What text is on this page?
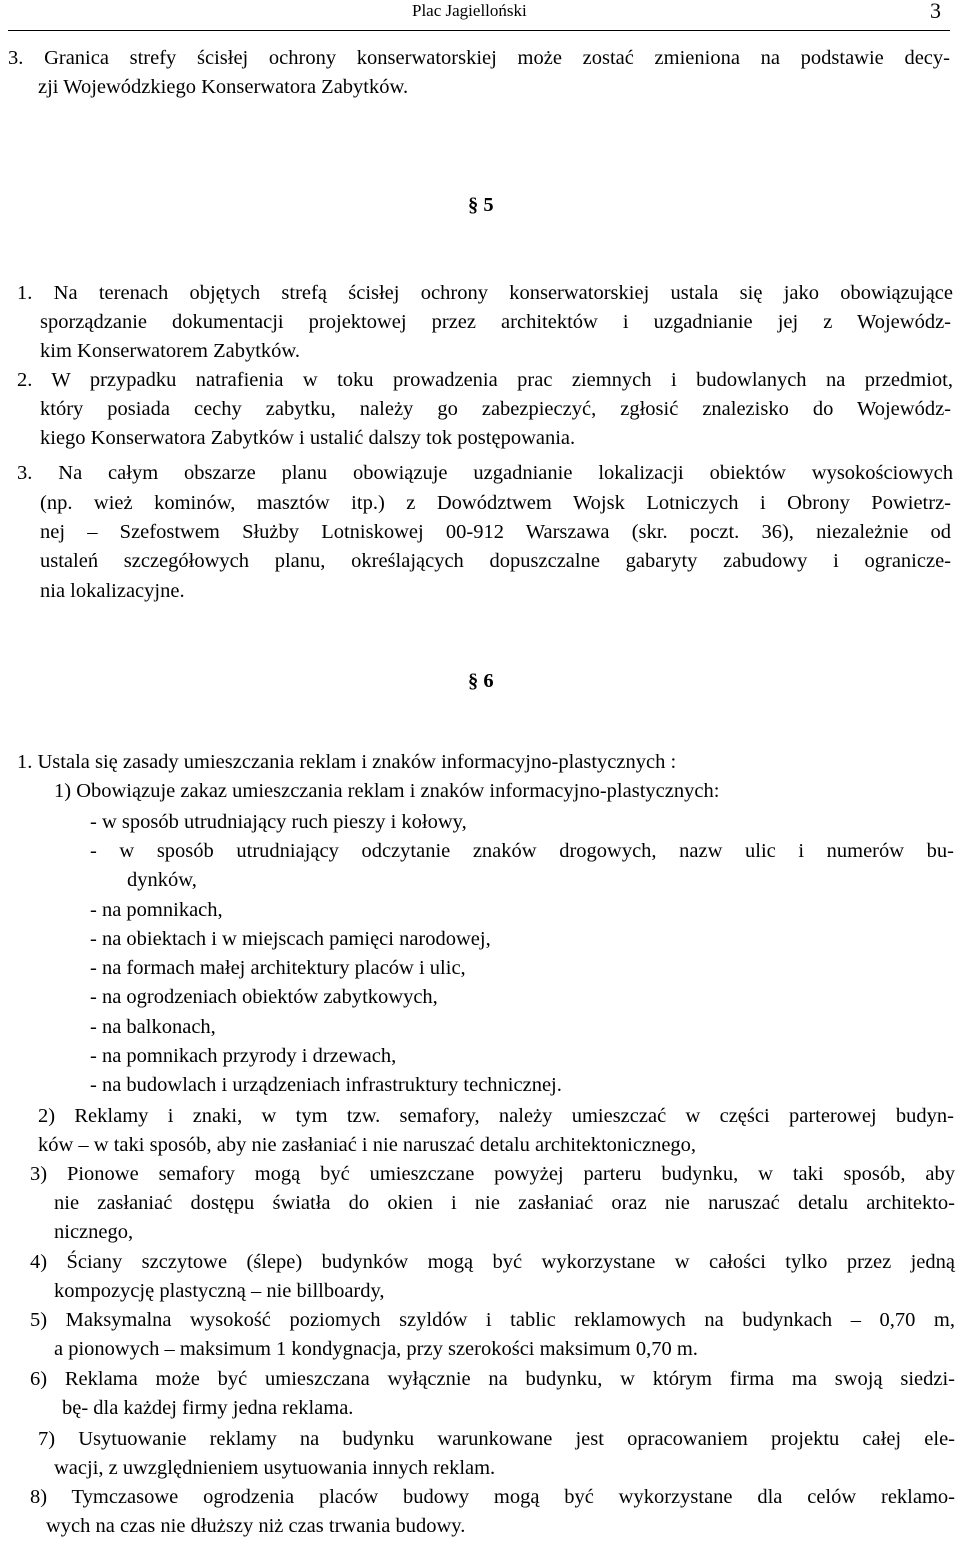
Plac Jagielloński	3
3. Granica strefy ścisłej ochrony konserwatorskiej może zostać zmieniona na podstawie decy-
zji Wojewódzkiego Konserwatora Zabytków.
§ 5
1. Na terenach objętych strefą ścisłej ochrony konserwatorskiej ustala się jako obowiązujące
sporządzanie dokumentacji projektowej przez architektów i uzgadnianie jej z Wojewódz-
kim Konserwatorem Zabytków.
2. W przypadku natrafienia w toku prowadzenia prac ziemnych i budowlanych na przedmiot,
który posiada cechy zabytku, należy go zabezpieczyć, zgłosić znalezisko do Wojewódz-
kiego Konserwatora Zabytków i ustalić dalszy tok postępowania.
3. Na całym obszarze planu obowiązuje uzgadnianie lokalizacji obiektów wysokościowych
(np. wież kominów, masztów itp.) z Dowództwem Wojsk Lotniczych i Obrony Powietrz-
nej – Szefostwem Służby Lotniskowej 00-912 Warszawa (skr. poczt. 36), niezależnie od
ustaleń szczegółowych planu, określających dopuszczalne gabaryty zabudowy i ogranicze-
nia lokalizacyjne.
§ 6
1. Ustala się zasady umieszczania reklam i znaków informacyjno-plastycznych :
1) Obowiązuje zakaz umieszczania reklam i znaków informacyjno-plastycznych:
- w sposób utrudniający ruch pieszy i kołowy,
- w sposób utrudniający odczytanie znaków drogowych, nazw ulic i numerów bu-
dynków,
- na pomnikach,
- na obiektach i w miejscach pamięci narodowej,
- na formach małej architektury placów i ulic,
- na ogrodzeniach obiektów zabytkowych,
- na balkonach,
- na pomnikach przyrody i drzewach,
- na budowlach i urządzeniach infrastruktury technicznej.
2) Reklamy i znaki, w tym tzw. semafory, należy umieszczać w części parterowej budyn-
ków – w taki sposób, aby nie zasłaniać i nie naruszać detalu architektonicznego,
3) Pionowe semafory mogą być umieszczane powyżej parteru budynku, w taki sposób, aby
nie zasłaniać dostępu światła do okien i nie zasłaniać oraz nie naruszać detalu architekto-
nicznego,
4) Ściany szczytowe (ślepe) budynków mogą być wykorzystane w całości tylko przez jedną
kompozycję plastyczną – nie billboardy,
5) Maksymalna wysokość poziomych szyldów i tablic reklamowych na budynkach – 0,70 m,
a pionowych – maksimum 1 kondygnacja, przy szerokości maksimum 0,70 m.
6) Reklama może być umieszczana wyłącznie na budynku, w którym firma ma swoją siedzi-
bę- dla każdej firmy jedna reklama.
7) Usytuowanie reklamy na budynku warunkowane jest opracowaniem projektu całej ele-
wacji, z uwzględnieniem usytuowania innych reklam.
8) Tymczasowe ogrodzenia placów budowy mogą być wykorzystane dla celów reklamo-
wych na czas nie dłuższy niż czas trwania budowy.
